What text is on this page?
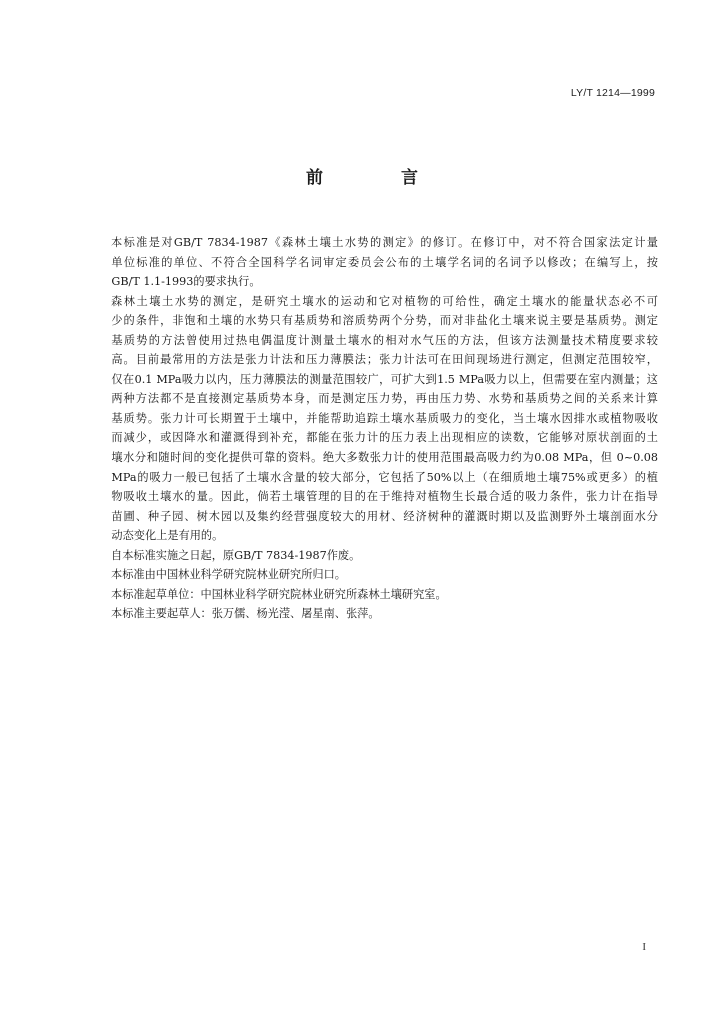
LY/T 1214—1999
前 言
本标准是对GB/T 7834-1987《森林土壤土水势的测定》的修订。在修订中，对不符合国家法定计量
单位标准的单位、不符合全国科学名词审定委员会公布的土壤学名词的名词予以修改；在编写上，按
GB/T 1.1-1993的要求执行。
森林土壤土水势的测定，是研究土壤水的运动和它对植物的可给性，确定土壤水的能量状态必不可
少的条件，非饱和土壤的水势只有基质势和溶质势两个分势，而对非盐化土壤来说主要是基质势。测定
基质势的方法曾使用过热电偶温度计测量土壤水的相对水气压的方法，但该方法测量技术精度要求较
高。目前最常用的方法是张力计法和压力薄膜法；张力计法可在田间现场进行测定，但测定范围较窄，
仅在0.1 MPa吸力以内，压力薄膜法的测量范围较广，可扩大到1.5 MPa吸力以上，但需要在室内测量；这
两种方法都不是直接测定基质势本身，而是测定压力势，再由压力势、水势和基质势之间的关系来计算
基质势。张力计可长期置于土壤中，并能帮助追踪土壤水基质吸力的变化，当土壤水因排水或植物吸收
而减少，或因降水和灌溉得到补充，都能在张力计的压力表上出现相应的读数，它能够对原状剖面的土
壤水分和随时间的变化提供可靠的资料。绝大多数张力计的使用范围最高吸力约为0.08 MPa，但 0~0.08
MPa的吸力一般已包括了土壤水含量的较大部分，它包括了50%以上（在细质地土壤75%或更多）的植
物吸收土壤水的量。因此，倘若土壤管理的目的在于维持对植物生长最合适的吸力条件，张力计在指导
苗圃、种子园、树木园以及集约经营强度较大的用材、经济树种的灌溉时期以及监测野外土壤剖面水分
动态变化上是有用的。

自本标准实施之日起，原GB/T 7834-1987作废。

本标准由中国林业科学研究院林业研究所归口。

本标准起草单位：中国林业科学研究院林业研究所森林土壤研究室。

本标准主要起草人：张万儒、杨光滢、屠星南、张萍。

I
